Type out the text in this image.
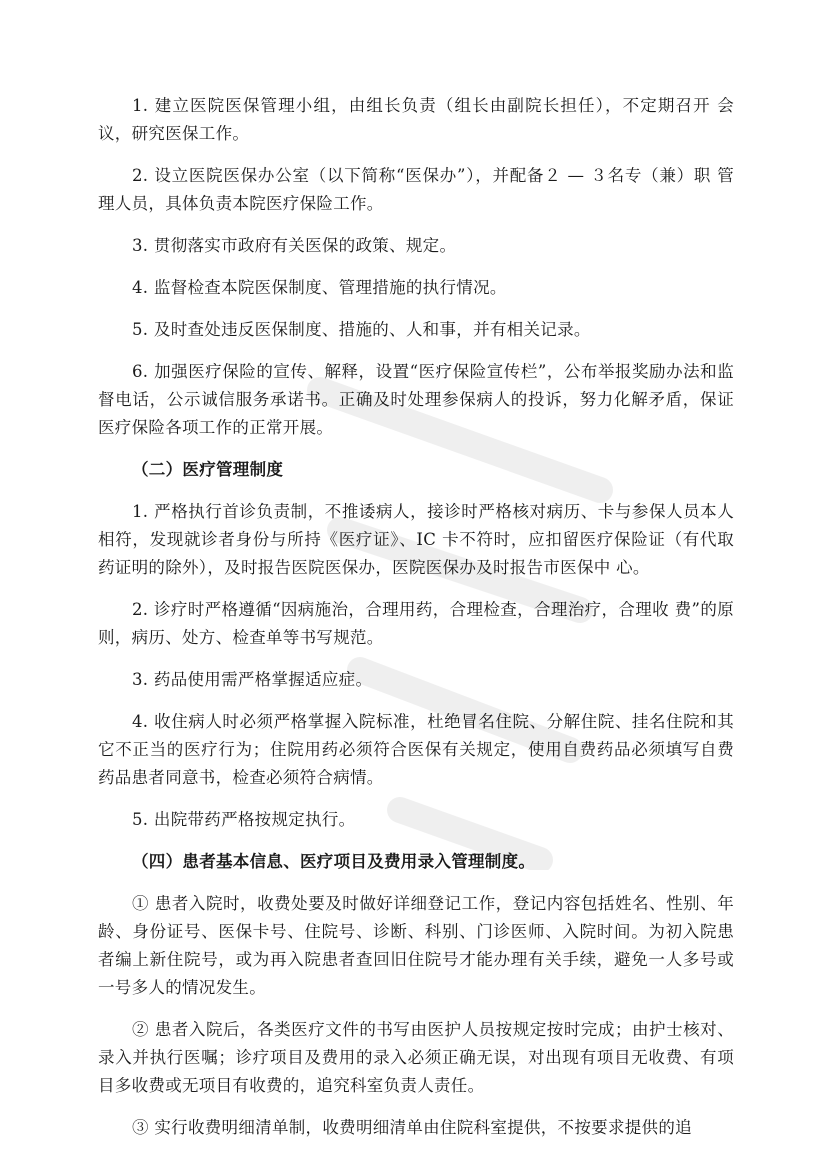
1. 建立医院医保管理小组，由组长负责（组长由副院长担任），不定期召开 会议，研究医保工作。

2. 设立医院医保办公室（以下简称“医保办”），并配备２ — ３名专（兼）职 管理人员，具体负责本院医疗保险工作。

3. 贯彻落实市政府有关医保的政策、规定。

4. 监督检查本院医保制度、管理措施的执行情况。

5. 及时查处违反医保制度、措施的、人和事，并有相关记录。

6. 加强医疗保险的宣传、解释，设置“医疗保险宣传栏”，公布举报奖励办法和监督电话，公示诚信服务承诺书。正确及时处理参保病人的投诉，努力化解矛盾，保证医疗保险各项工作的正常开展。

（二）医疗管理制度

1. 严格执行首诊负责制，不推诿病人，接诊时严格核对病历、卡与参保人员本人相符，发现就诊者身份与所持《医疗证》、IC 卡不符时，应扣留医疗保险证（有代取药证明的除外），及时报告医院医保办，医院医保办及时报告市医保中 心。

2. 诊疗时严格遵循“因病施治，合理用药，合理检查，合理治疗，合理收 费”的原则，病历、处方、检查单等书写规范。

3. 药品使用需严格掌握适应症。

4. 收住病人时必须严格掌握入院标准，杜绝冒名住院、分解住院、挂名住院和其它不正当的医疗行为；住院用药必须符合医保有关规定，使用自费药品必须填写自费药品患者同意书，检查必须符合病情。

5. 出院带药严格按规定执行。

（四）患者基本信息、医疗项目及费用录入管理制度。

① 患者入院时，收费处要及时做好详细登记工作，登记内容包括姓名、性别、年龄、身份证号、医保卡号、住院号、诊断、科别、门诊医师、入院时间。为初入院患者编上新住院号，或为再入院患者查回旧住院号才能办理有关手续，避免一人多号或一号多人的情况发生。

② 患者入院后，各类医疗文件的书写由医护人员按规定按时完成；由护士核对、录入并执行医嘱；诊疗项目及费用的录入必须正确无误，对出现有项目无收费、有项目多收费或无项目有收费的，追究科室负责人责任。

③ 实行收费明细清单制，收费明细清单由住院科室提供，不按要求提供的追
